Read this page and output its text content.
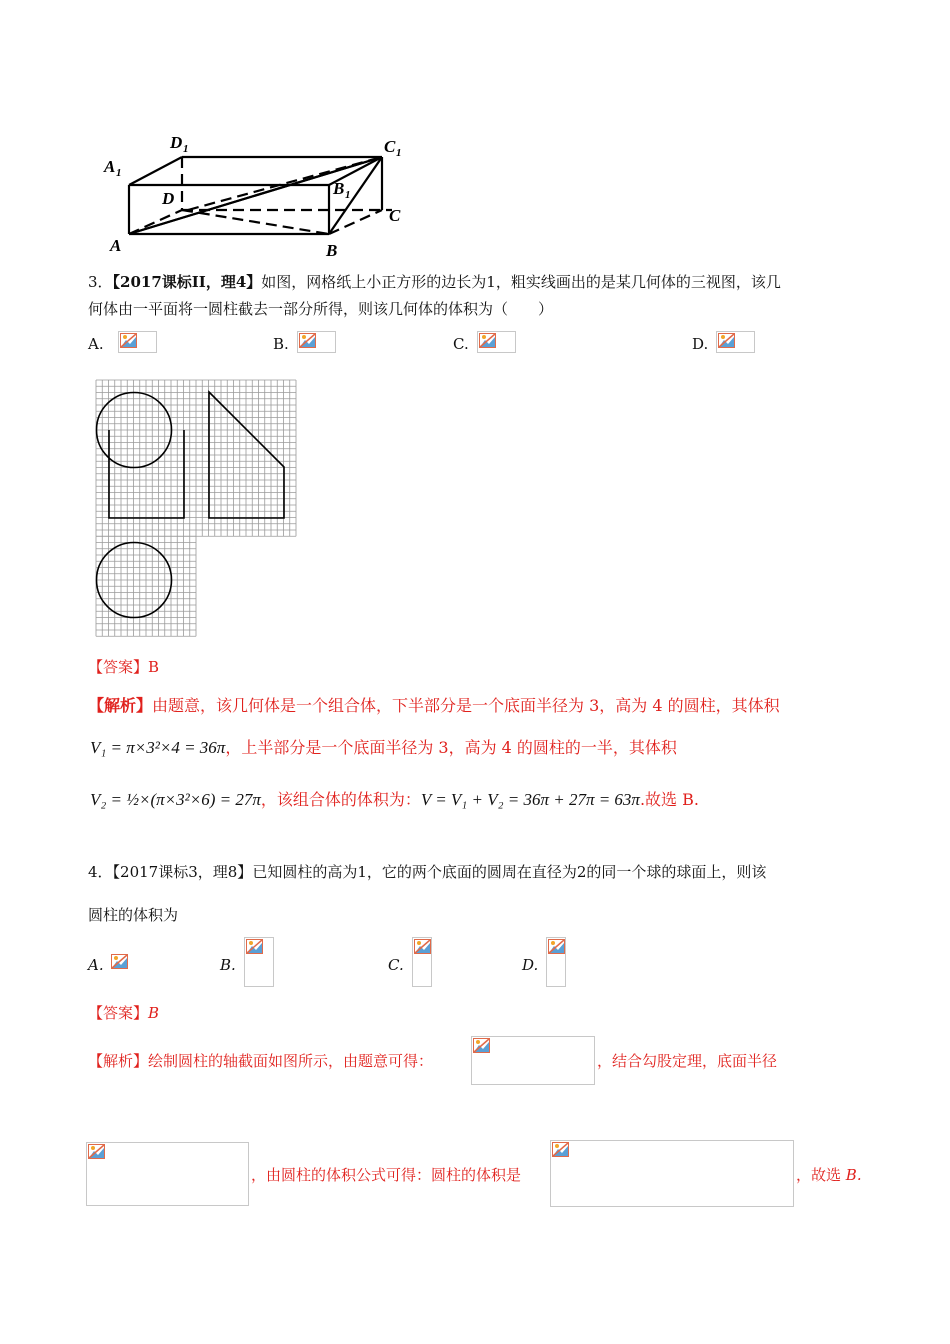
D 1	C 1
A 1
D
B 1
C
A	B
3．【2017课标II，理4】如图，网格纸上小正方形的边长为1，粗实线画出的是某几何体的三视图，该几
何体由一平面将一圆柱截去一部分所得，则该几何体的体积为（　　）
A.	B.	C.	D.
【答案】B
【解析】由题意，该几何体是一个组合体，下半部分是一个底面半径为 3，高为 4 的圆柱，其体积
V₁ = π×3²×4 = 36π，上半部分是一个底面半径为 3，高为 4 的圆柱的一半，其体积
V₂ = ½×(π×3²×6) = 27π，该组合体的体积为：V = V₁ + V₂ = 36π + 27π = 63π.故选 B.
4．【2017课标3，理8】已知圆柱的高为1，它的两个底面的圆周在直径为2的同一个球的球面上，则该
圆柱的体积为
A.	B.	C.	D.
【答案】B
【解析】绘制圆柱的轴截面如图所示，由题意可得：	，结合勾股定理，底面半径
，由圆柱的体积公式可得：圆柱的体积是	，故选 B.
